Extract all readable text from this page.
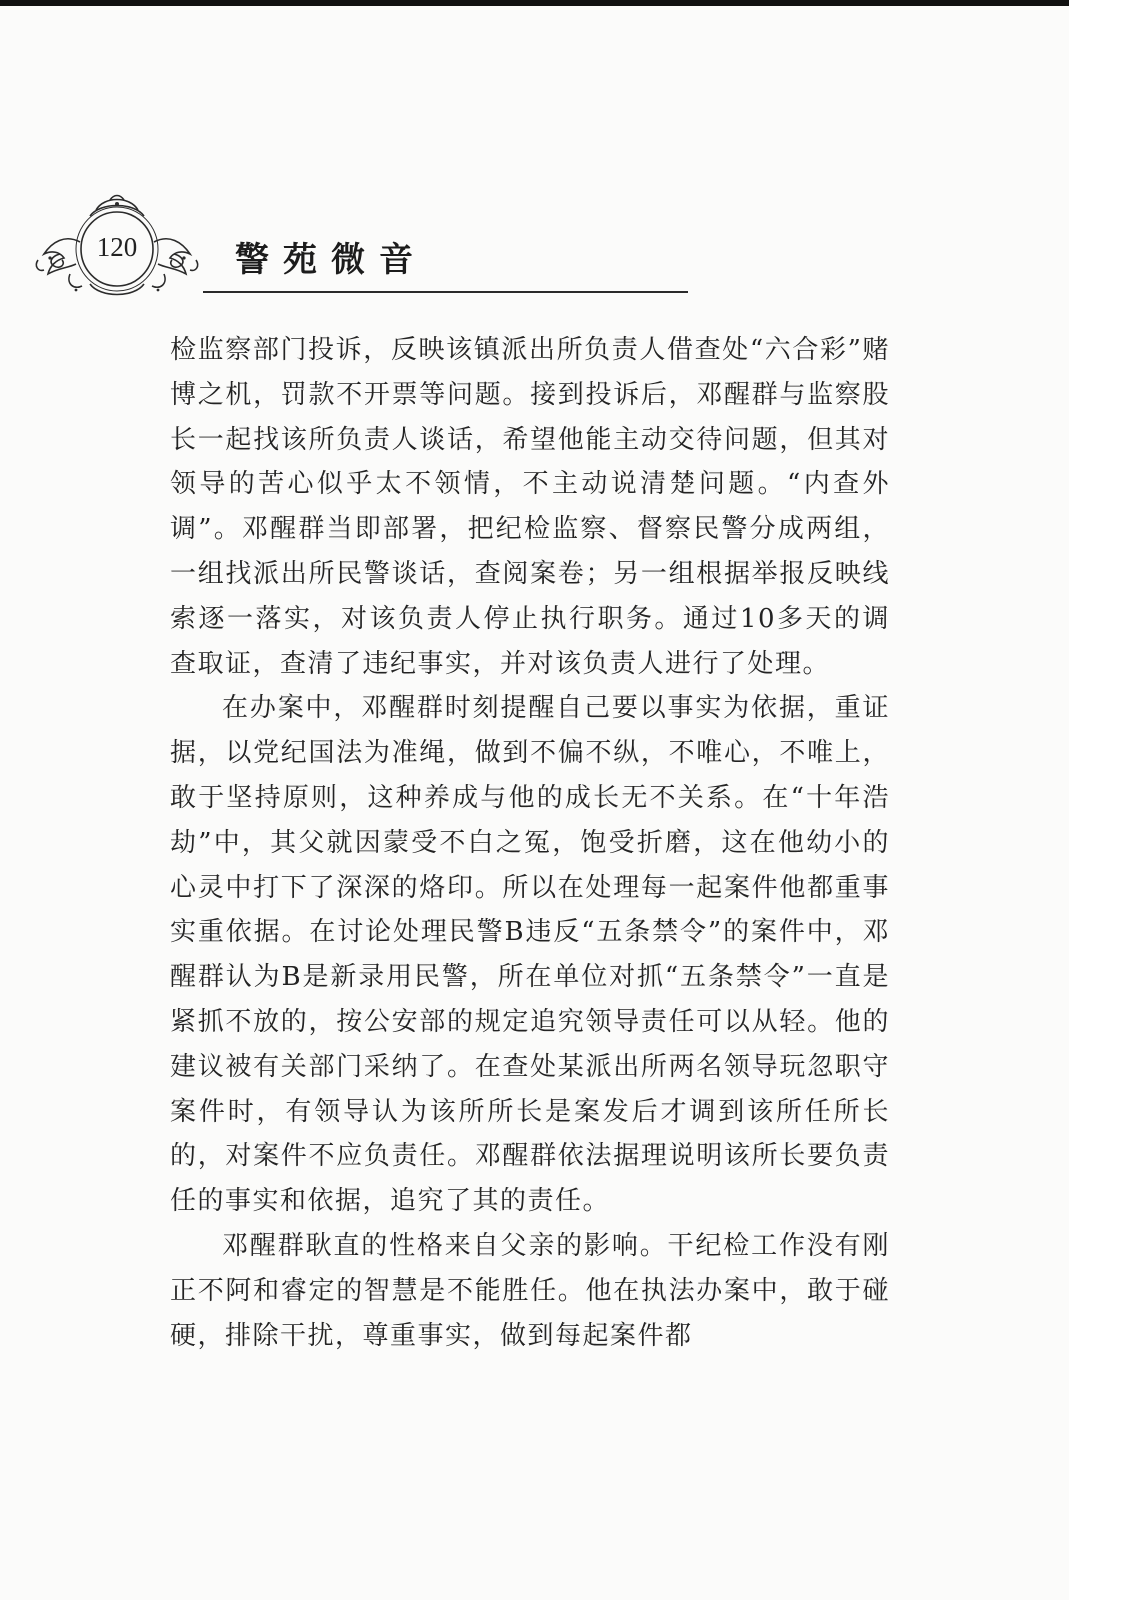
120	警苑微音

检监察部门投诉，反映该镇派出所负责人借查处“六合彩”赌博之机，罚款不开票等问题。接到投诉后，邓醒群与监察股长一起找该所负责人谈话，希望他能主动交待问题，但其对领导的苦心似乎太不领情，不主动说清楚问题。“内查外调”。邓醒群当即部署，把纪检监察、督察民警分成两组，一组找派出所民警谈话，查阅案卷；另一组根据举报反映线索逐一落实，对该负责人停止执行职务。通过10多天的调查取证，查清了违纪事实，并对该负责人进行了处理。

在办案中，邓醒群时刻提醒自己要以事实为依据，重证据，以党纪国法为准绳，做到不偏不纵，不唯心，不唯上，敢于坚持原则，这种养成与他的成长无不关系。在“十年浩劫”中，其父就因蒙受不白之冤，饱受折磨，这在他幼小的心灵中打下了深深的烙印。所以在处理每一起案件他都重事实重依据。在讨论处理民警B违反“五条禁令”的案件中，邓醒群认为B是新录用民警，所在单位对抓“五条禁令”一直是紧抓不放的，按公安部的规定追究领导责任可以从轻。他的建议被有关部门采纳了。在查处某派出所两名领导玩忽职守案件时，有领导认为该所所长是案发后才调到该所任所长的，对案件不应负责任。邓醒群依法据理说明该所长要负责任的事实和依据，追究了其的责任。

邓醒群耿直的性格来自父亲的影响。干纪检工作没有刚正不阿和睿定的智慧是不能胜任。他在执法办案中，敢于碰硬，排除干扰，尊重事实，做到每起案件都
